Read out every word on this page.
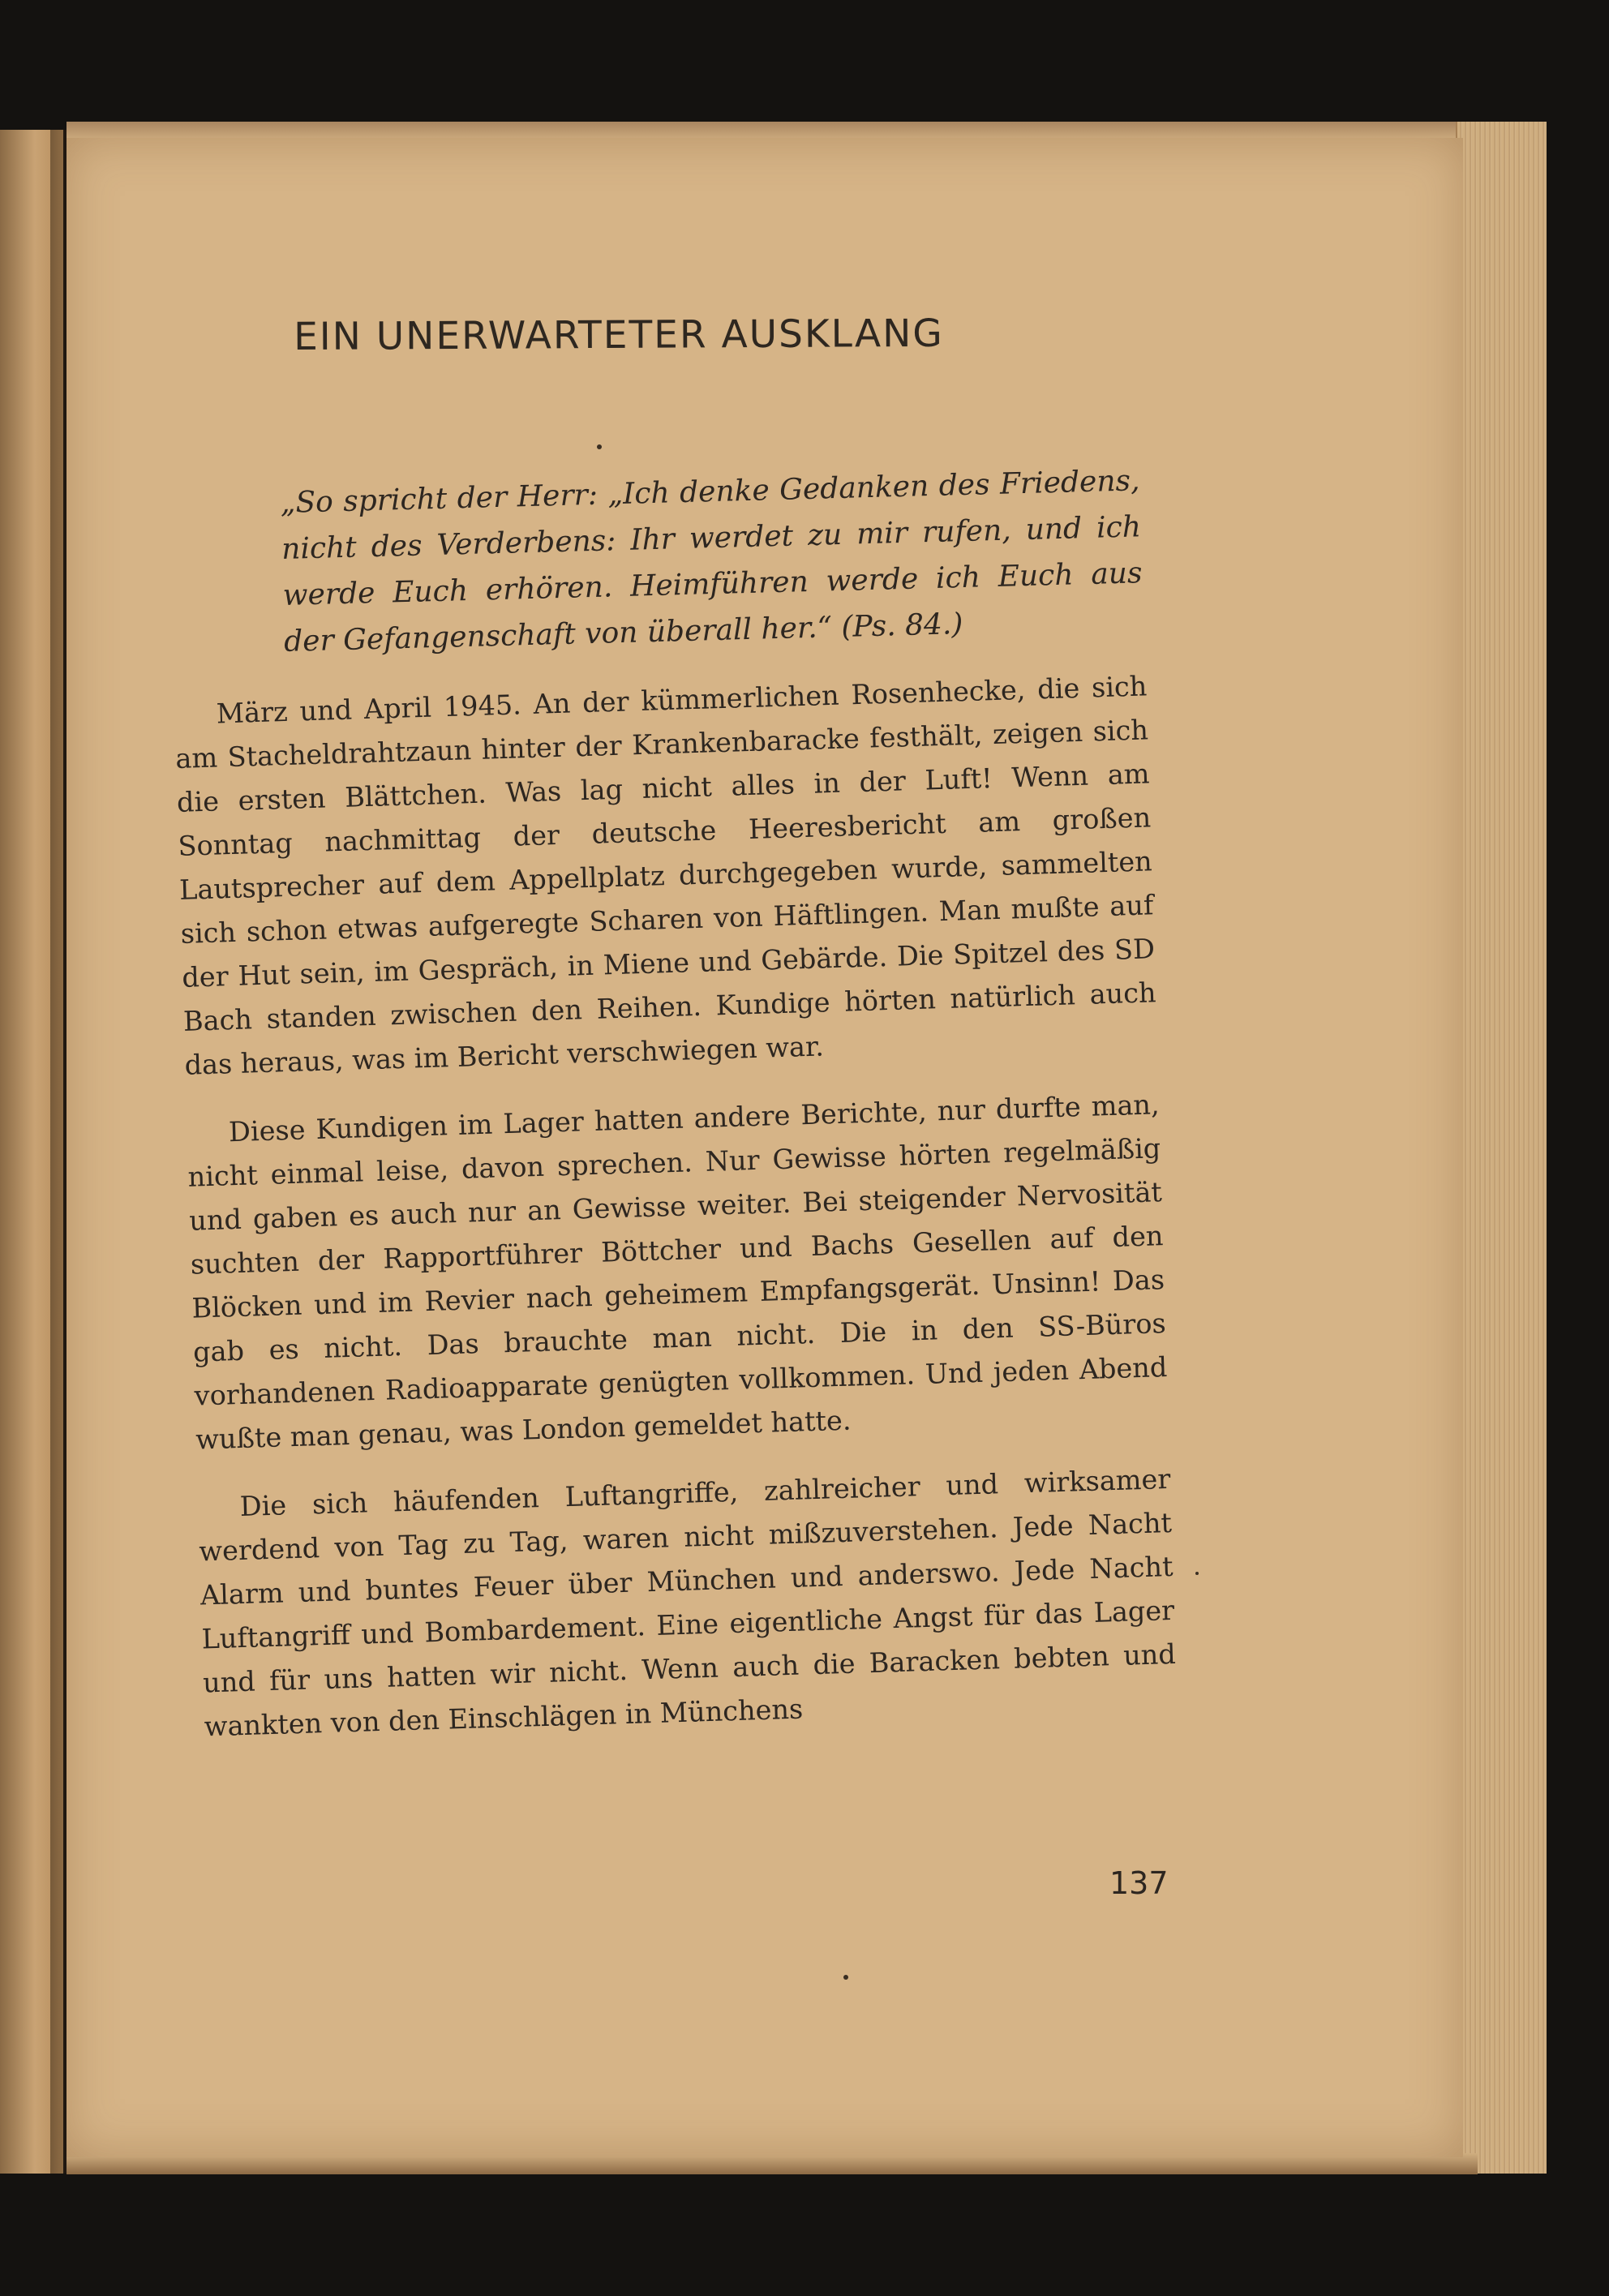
EIN UNERWARTETER AUSKLANG

„So spricht der Herr: „Ich denke Gedanken des Friedens, nicht des Verderbens: Ihr werdet zu mir rufen, und ich werde Euch erhören. Heimführen werde ich Euch aus der Gefangenschaft von überall her.“ (Ps. 84.)

März und April 1945. An der kümmerlichen Rosenhecke, die sich am Stacheldrahtzaun hinter der Krankenbaracke festhält, zeigen sich die ersten Blättchen. Was lag nicht alles in der Luft! Wenn am Sonntag nachmittag der deutsche Heeresbericht am großen Lautsprecher auf dem Appellplatz durchgegeben wurde, sammelten sich schon etwas aufgeregte Scharen von Häftlingen. Man mußte auf der Hut sein, im Gespräch, in Miene und Gebärde. Die Spitzel des SD Bach standen zwischen den Reihen. Kundige hörten natürlich auch das heraus, was im Bericht verschwiegen war.

Diese Kundigen im Lager hatten andere Berichte, nur durfte man, nicht einmal leise, davon sprechen. Nur Gewisse hörten regelmäßig und gaben es auch nur an Gewisse weiter. Bei steigender Nervosität suchten der Rapportführer Böttcher und Bachs Gesellen auf den Blöcken und im Revier nach geheimem Empfangsgerät. Unsinn! Das gab es nicht. Das brauchte man nicht. Die in den SS-Büros vorhandenen Radioapparate genügten vollkommen. Und jeden Abend wußte man genau, was London gemeldet hatte.

Die sich häufenden Luftangriffe, zahlreicher und wirksamer werdend von Tag zu Tag, waren nicht mißzuverstehen. Jede Nacht Alarm und buntes Feuer über München und anderswo. Jede Nacht Luftangriff und Bombardement. Eine eigentliche Angst für das Lager und für uns hatten wir nicht. Wenn auch die Baracken bebten und wankten von den Einschlägen in Münchens

137
